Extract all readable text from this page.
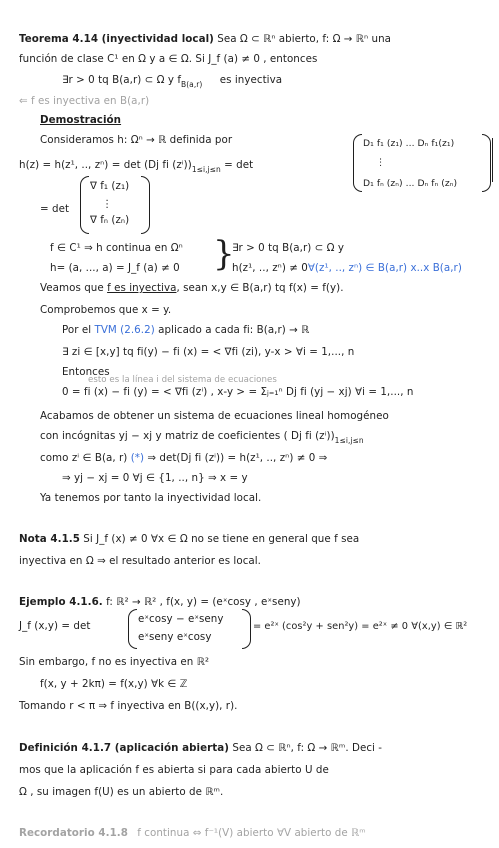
Teorema 4.14 (inyectividad local) Sea Ω ⊂ ℝⁿ abierto, f: Ω → ℝⁿ una
función de clase C¹ en Ω y a ∈ Ω. Si J_f (a) ≠ 0 , entonces
∃r > 0 tq B(a,r) ⊂ Ω y $f_{B(a,r)}$ es inyectiva
⇐ f es inyectiva en B(a,r)
Demostración
Consideramos h: Ωⁿ → ℝ definida por
h(z) = h(z¹, .., zⁿ) = det (Dj fi $(z^i))_{1\le i,j\le n} = \det$
D₁ f₁ (z₁) ... Dₙ f₁(z₁)
⋮
D₁ fₙ (zₙ) ... Dₙ fₙ (zₙ)
= det
∇ f₁ (z₁)
⋮
∇ fₙ (zₙ)
f ∈ C¹ ⇒ h continua en Ωⁿ
h= (a, ..., a) = J_f (a) ≠ 0 }
∃r > 0 tq B(a,r) ⊂ Ω y
h(z¹, .., zⁿ) ≠ 0∀(z¹, .., zⁿ) ∈ B(a,r) x..x B(a,r)
Veamos que f es inyectiva, sean x,y ∈ B(a,r) tq f(x) = f(y).
Comprobemos que x = y.
Por el TVM (2.6.2) aplicado a cada fi: B(a,r) → ℝ
∃ zi ∈ [x,y] tq fi(y) − fi (x) = < ∇fi (zi), y-x > ∀i = 1,..., n
Entonces
esto es la línea i del sistema de ecuaciones
0 = fi (x) − fi (y) = < ∇fi (zⁱ) , x-y > = Σⱼ₌₁ⁿ Dj fi (yj − xj) ∀i = 1,..., n
Acabamos de obtener un sistema de ecuaciones lineal homogéneo
con incógnitas yj − xj y matriz de coeficientes ( Dj fi $(z^i))_{1\le i,j\le n}$
como zⁱ ∈ B(a, r) (*) ⇒ det(Dj fi (zⁱ)) = h(z¹, .., zⁿ) ≠ 0 ⇒
⇒ yj − xj = 0 ∀j ∈ {1, .., n} ⇒ x = y
Ya tenemos por tanto la inyectividad local.
Nota 4.1.5 Si J_f (x) ≠ 0 ∀x ∈ Ω no se tiene en general que f sea
inyectiva en Ω ⇒ el resultado anterior es local.
Ejemplo 4.1.6. f: ℝ² → ℝ² , f(x, y) = (eˣcosy , eˣseny)
J_f (x,y) = det
eˣcosy − eˣseny
eˣseny eˣcosy
= e²ˣ (cos²y + sen²y) = e²ˣ ≠ 0 ∀(x,y) ∈ ℝ²
Sin embargo, f no es inyectiva en ℝ²
f(x, y + 2kπ) = f(x,y) ∀k ∈ ℤ
Tomando r < π ⇒ f inyectiva en B((x,y), r).
Definición 4.1.7 (aplicación abierta) Sea Ω ⊂ ℝⁿ, f: Ω → ℝᵐ. Deci -
mos que la aplicación f es abierta si para cada abierto U de
Ω , su imagen f(U) es un abierto de ℝᵐ.
Recordatorio 4.1.8 f continua ⇔ f⁻¹(V) abierto ∀V abierto de ℝᵐ
